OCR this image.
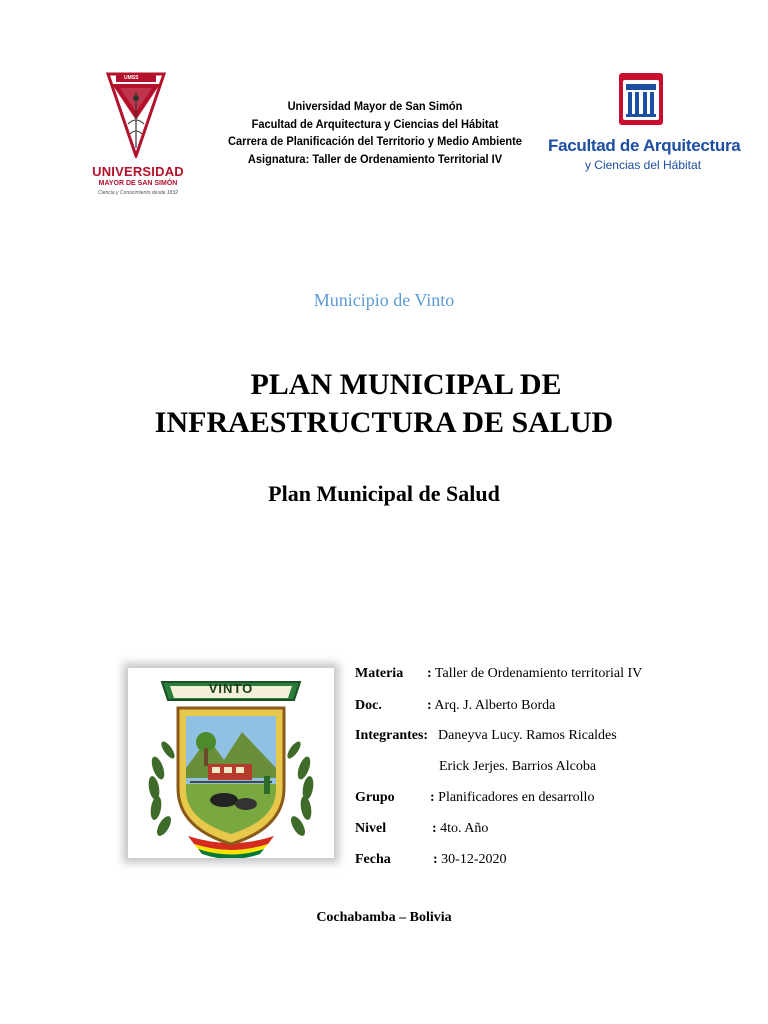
UMSS
UNIVERSIDAD
MAYOR DE SAN SIMÓN
Ciencia y Conocimiento desde 1832
Universidad Mayor de San Simón
Facultad de Arquitectura y Ciencias del Hábitat
Carrera de Planificación del Territorio y Medio Ambiente
Asignatura: Taller de Ordenamiento Territorial IV
Facultad de Arquitectura
y Ciencias del Hábitat
Municipio de Vinto
PLAN MUNICIPAL DE
INFRAESTRUCTURA DE SALUD
Plan Municipal de Salud
VINTO
Materia : Taller de Ordenamiento territorial IV
Doc.	: Arq. J. Alberto Borda
Integrantes: Daneyva Lucy. Ramos Ricaldes
Erick Jerjes. Barrios Alcoba
Grupo	: Planificadores en desarrollo
Nivel	: 4to. Año
Fecha	: 30-12-2020
Cochabamba – Bolivia
